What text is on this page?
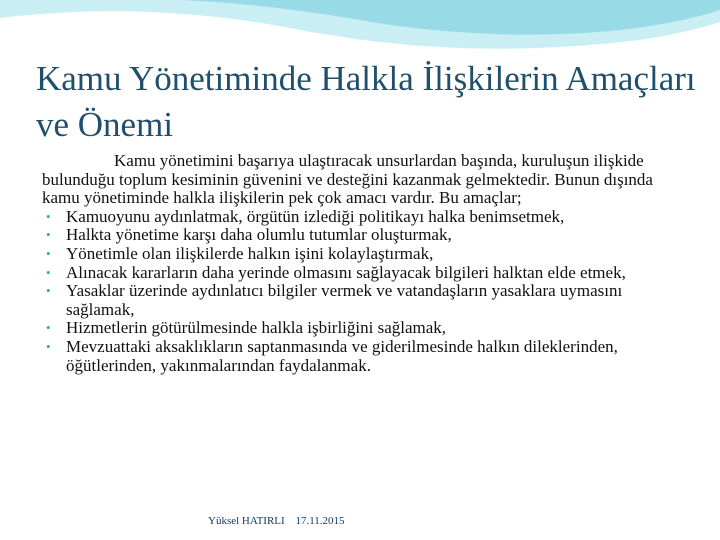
Kamu Yönetiminde Halkla İlişkilerin Amaçları ve Önemi

Kamu yönetimini başarıya ulaştıracak unsurlardan başında, kuruluşun ilişkide bulunduğu toplum kesiminin güvenini ve desteğini kazanmak gelmektedir. Bunun dışında kamu yönetiminde halkla ilişkilerin pek çok amacı vardır. Bu amaçlar;

• Kamuoyunu aydınlatmak, örgütün izlediği politikayı halka benimsetmek,
• Halkta yönetime karşı daha olumlu tutumlar oluşturmak,
• Yönetimle olan ilişkilerde halkın işini kolaylaştırmak,
• Alınacak kararların daha yerinde olmasını sağlayacak bilgileri halktan elde etmek,
• Yasaklar üzerinde aydınlatıcı bilgiler vermek ve vatandaşların yasaklara uymasını sağlamak,
• Hizmetlerin götürülmesinde halkla işbirliğini sağlamak,
• Mevzuattaki aksaklıkların saptanmasında ve giderilmesinde halkın dileklerinden, öğütlerinden, yakınmalarından faydalanmak.
Yüksel HATIRLI 17.11.2015
